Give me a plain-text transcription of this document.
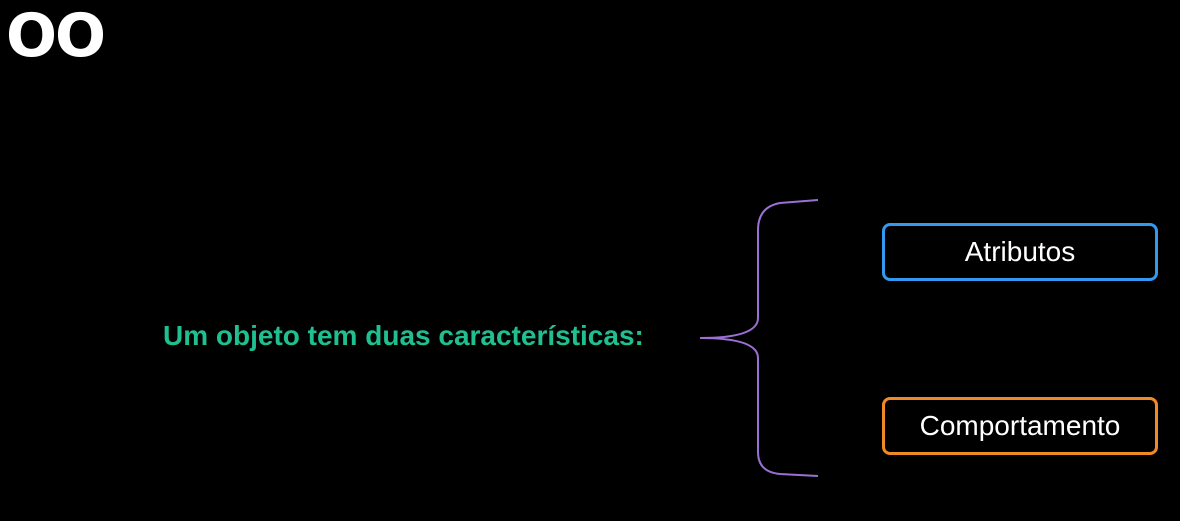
OO
Um objeto tem duas características:
Atributos
Comportamento
